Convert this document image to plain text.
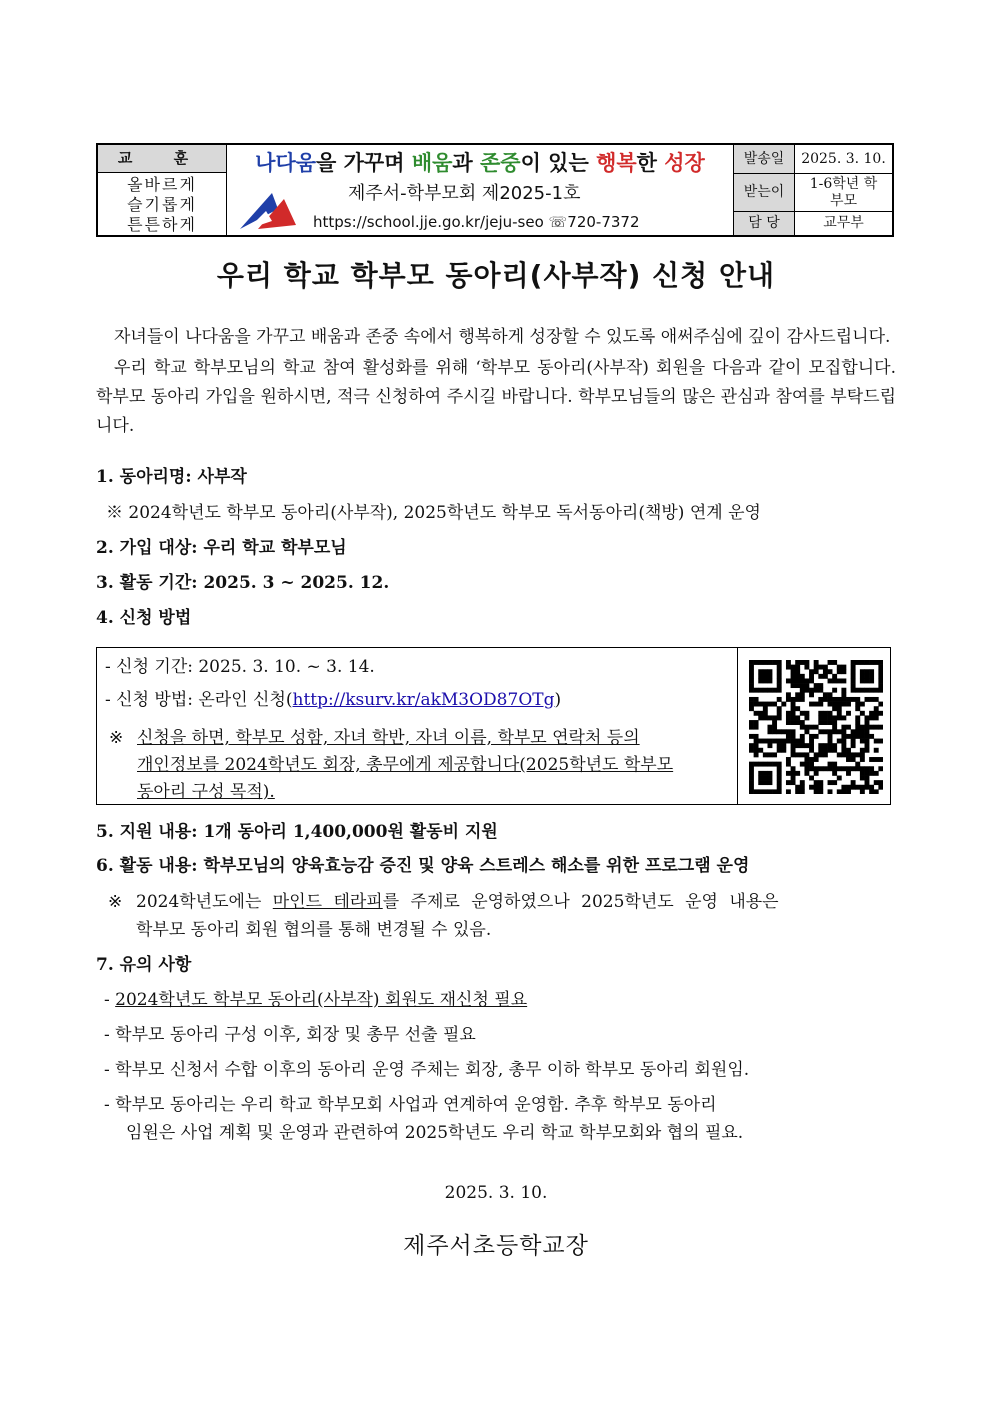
교 훈
올바르게
슬기롭게
튼튼하게
나다움을 가꾸며 배움과 존중이 있는 행복한 성장
제주서-학부모회 제2025-1호
https://school.jje.go.kr/jeju-seo ☏720-7372
발송일	2025. 3. 10.
받는이	1-6학년 학부모
담 당	교무부
우리 학교 학부모 동아리(사부작) 신청 안내
자녀들이 나다움을 가꾸고 배움과 존중 속에서 행복하게 성장할 수 있도록 애써주심에 깊이 감사드립니다.
우리 학교 학부모님의 학교 참여 활성화를 위해 ‘학부모 동아리(사부작) 회원을 다음과 같이 모집합니다. 학부모 동아리 가입을 원하시면, 적극 신청하여 주시길 바랍니다. 학부모님들의 많은 관심과 참여를 부탁드립니다.
1. 동아리명: 사부작
※ 2024학년도 학부모 동아리(사부작), 2025학년도 학부모 독서동아리(책방) 연계 운영
2. 가입 대상: 우리 학교 학부모님
3. 활동 기간: 2025. 3 ~ 2025. 12.
4. 신청 방법
- 신청 기간: 2025. 3. 10. ~ 3. 14.
- 신청 방법: 온라인 신청(http://ksurv.kr/akM3OD87OTg)
※ 신청을 하면, 학부모 성함, 자녀 학반, 자녀 이름, 학부모 연락처 등의
개인정보를 2024학년도 회장, 총무에게 제공합니다(2025학년도 학부모
동아리 구성 목적).
5. 지원 내용: 1개 동아리 1,400,000원 활동비 지원
6. 활동 내용: 학부모님의 양육효능감 증진 및 양육 스트레스 해소를 위한 프로그램 운영
※ 2024학년도에는 마인드 테라피를 주제로 운영하였으나 2025학년도 운영 내용은
학부모 동아리 회원 협의를 통해 변경될 수 있음.
7. 유의 사항
- 2024학년도 학부모 동아리(사부작) 회원도 재신청 필요
- 학부모 동아리 구성 이후, 회장 및 총무 선출 필요
- 학부모 신청서 수합 이후의 동아리 운영 주체는 회장, 총무 이하 학부모 동아리 회원임.
- 학부모 동아리는 우리 학교 학부모회 사업과 연계하여 운영함. 추후 학부모 동아리
임원은 사업 계획 및 운영과 관련하여 2025학년도 우리 학교 학부모회와 협의 필요.
2025. 3. 10.
제주서초등학교장
